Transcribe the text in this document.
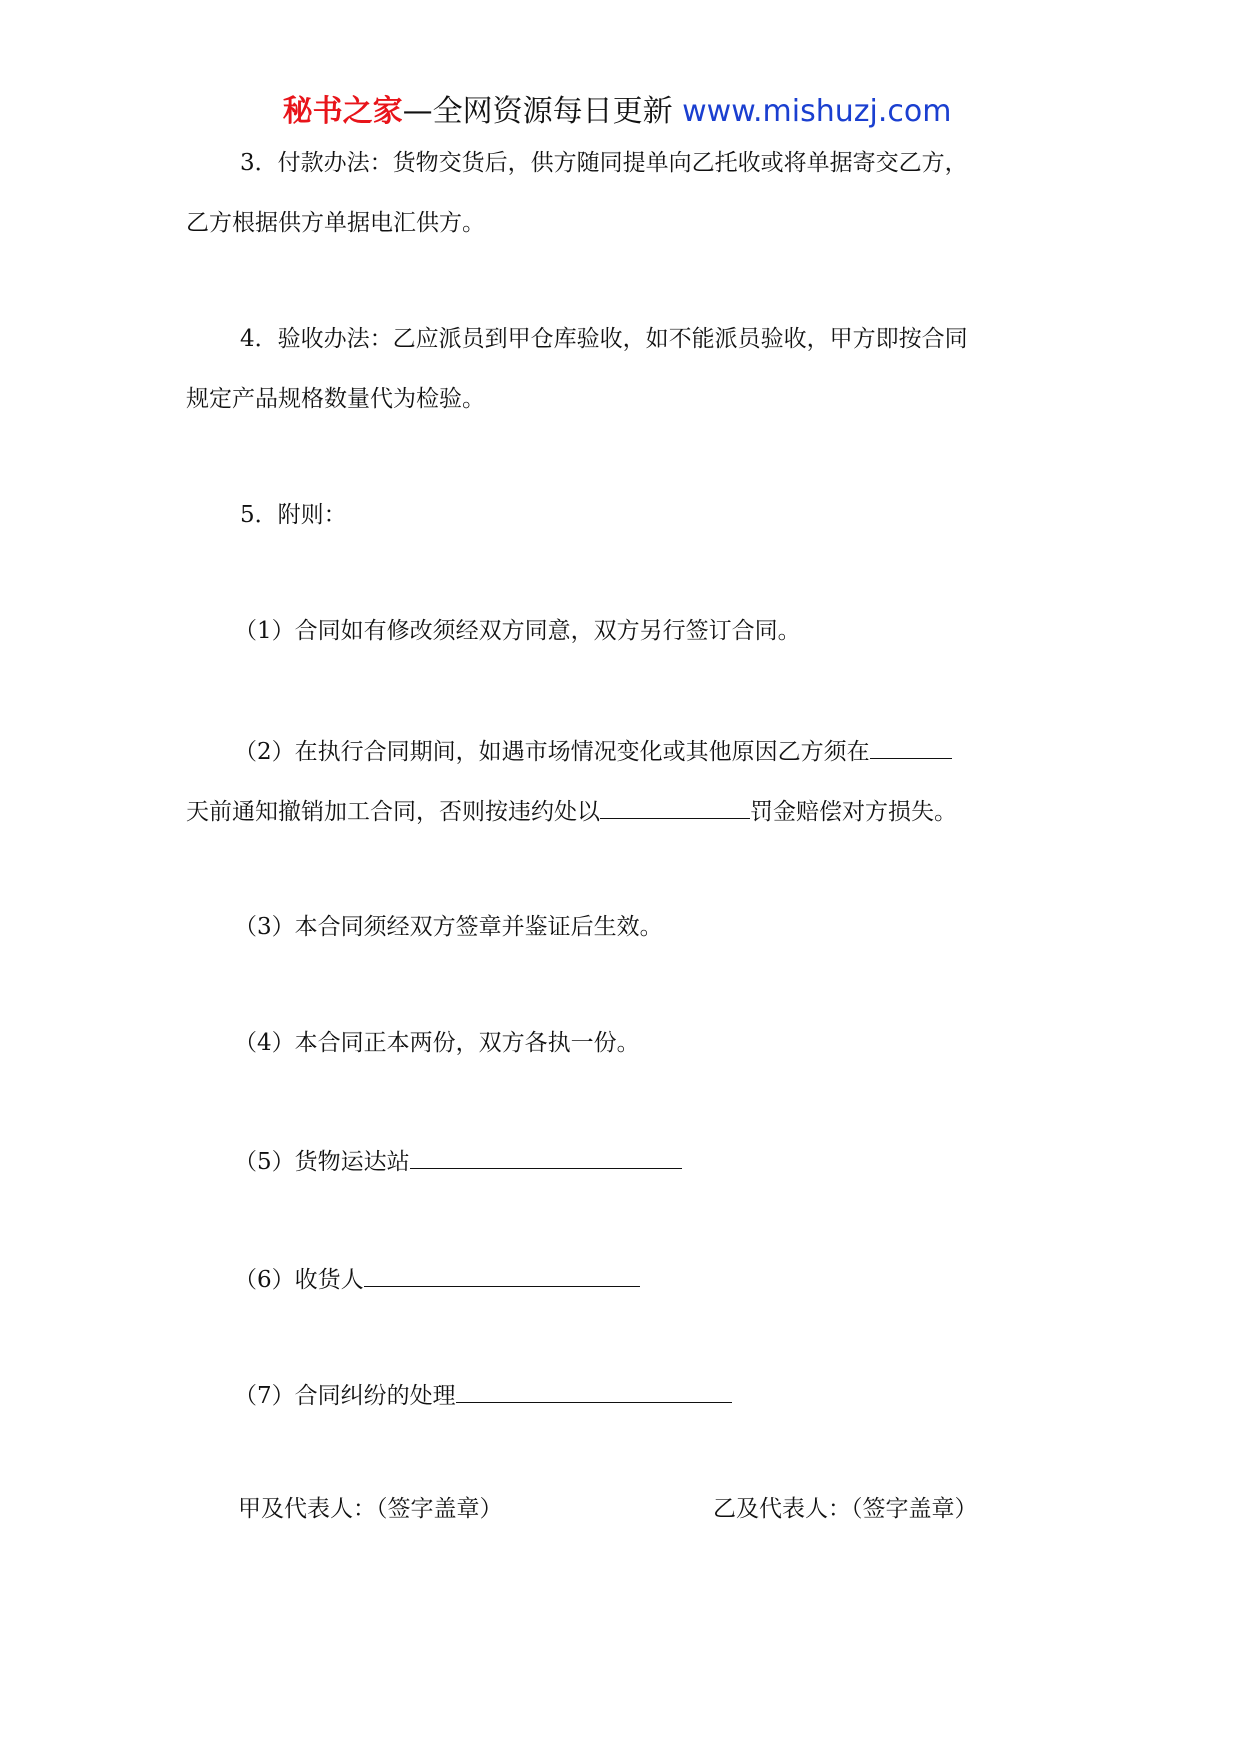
秘书之家—全网资源每日更新 www.mishuzj.com
3．付款办法：货物交货后，供方随同提单向乙托收或将单据寄交乙方，
乙方根据供方单据电汇供方。
4．验收办法：乙应派员到甲仓库验收，如不能派员验收，甲方即按合同
规定产品规格数量代为检验。
5．附则：
（1）合同如有修改须经双方同意，双方另行签订合同。
（2）在执行合同期间，如遇市场情况变化或其他原因乙方须在
天前通知撤销加工合同，否则按违约处以	罚金赔偿对方损失。
（3）本合同须经双方签章并鉴证后生效。
（4）本合同正本两份，双方各执一份。
（5）货物运达站
（6）收货人
（7）合同纠纷的处理
甲及代表人：（签字盖章）	乙及代表人：（签字盖章）
